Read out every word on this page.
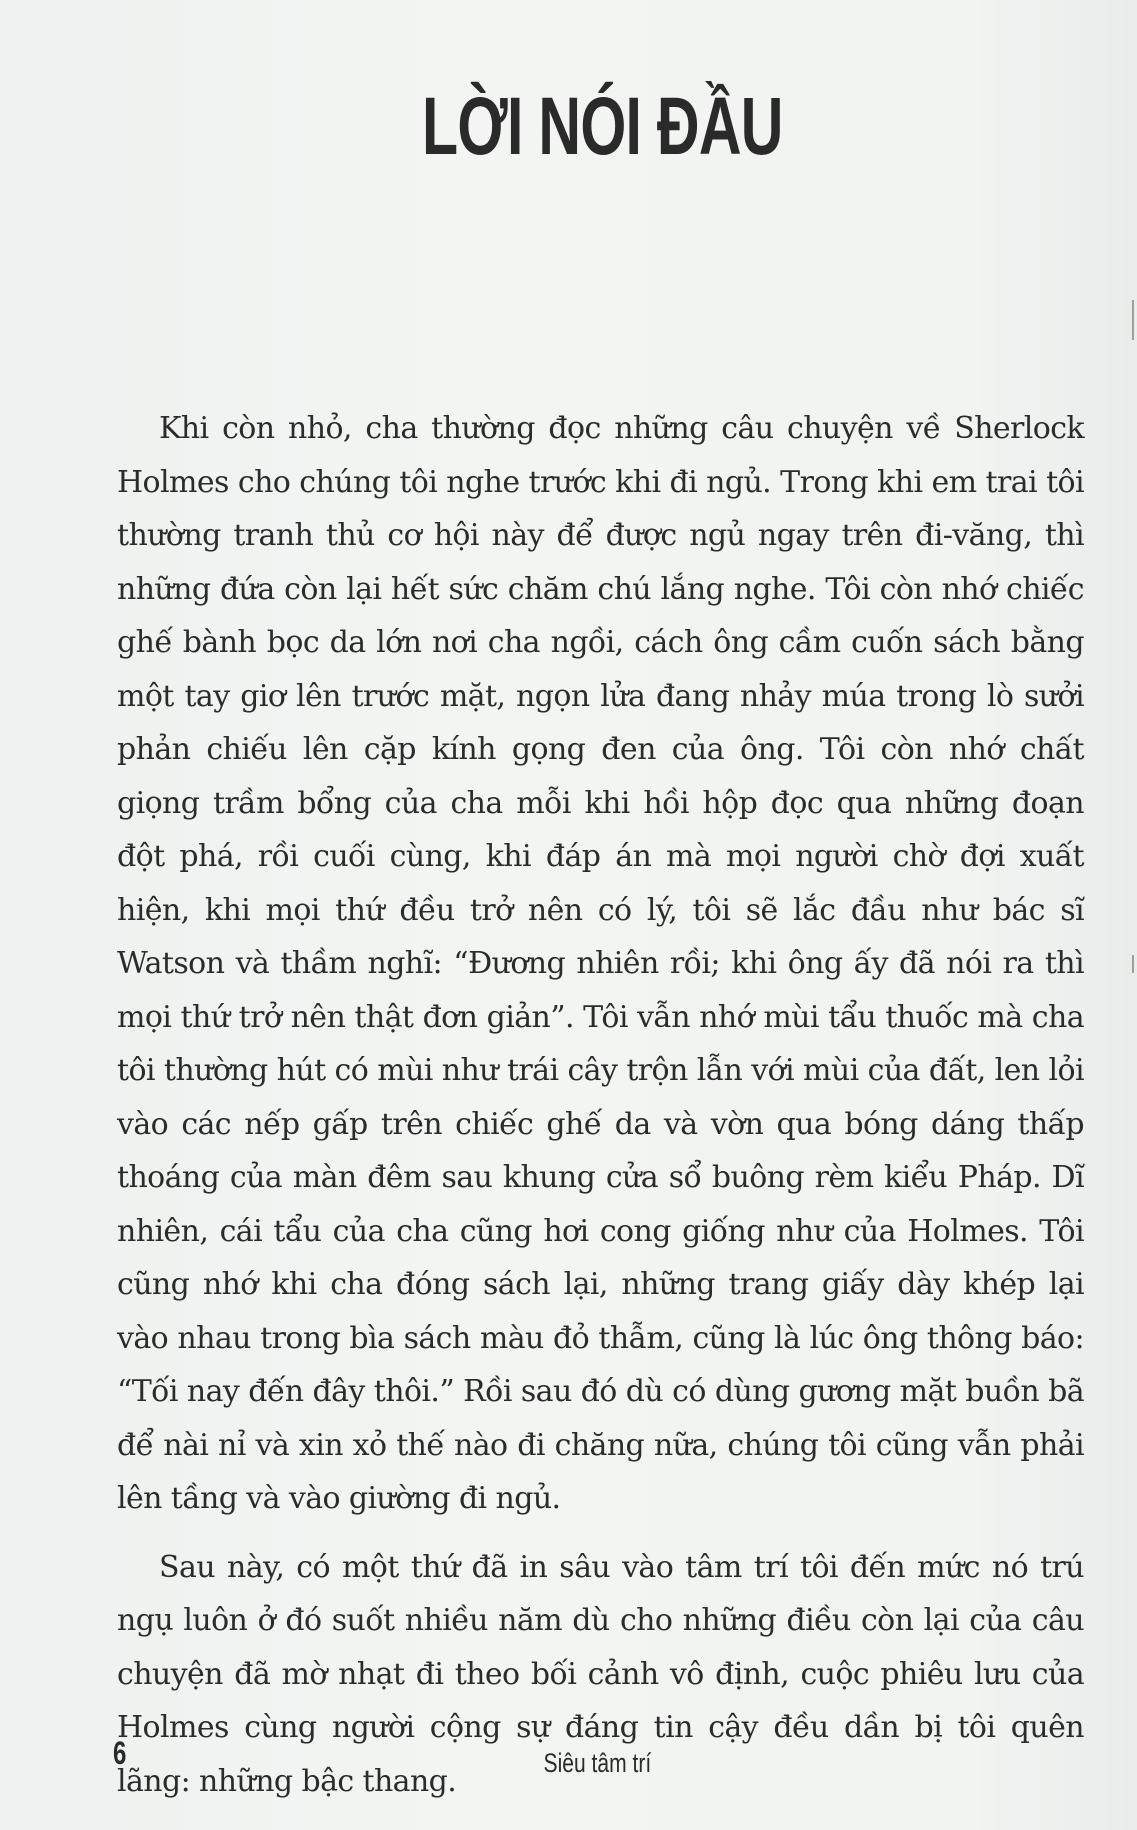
LỜI NÓI ĐẦU

Khi còn nhỏ, cha thường đọc những câu chuyện về Sherlock Holmes cho chúng tôi nghe trước khi đi ngủ. Trong khi em trai tôi thường tranh thủ cơ hội này để được ngủ ngay trên đi-văng, thì những đứa còn lại hết sức chăm chú lắng nghe. Tôi còn nhớ chiếc ghế bành bọc da lớn nơi cha ngồi, cách ông cầm cuốn sách bằng một tay giơ lên trước mặt, ngọn lửa đang nhảy múa trong lò sưởi phản chiếu lên cặp kính gọng đen của ông. Tôi còn nhớ chất giọng trầm bổng của cha mỗi khi hồi hộp đọc qua những đoạn đột phá, rồi cuối cùng, khi đáp án mà mọi người chờ đợi xuất hiện, khi mọi thứ đều trở nên có lý, tôi sẽ lắc đầu như bác sĩ Watson và thầm nghĩ: “Đương nhiên rồi; khi ông ấy đã nói ra thì mọi thứ trở nên thật đơn giản”. Tôi vẫn nhớ mùi tẩu thuốc mà cha tôi thường hút có mùi như trái cây trộn lẫn với mùi của đất, len lỏi vào các nếp gấp trên chiếc ghế da và vờn qua bóng dáng thấp thoáng của màn đêm sau khung cửa sổ buông rèm kiểu Pháp. Dĩ nhiên, cái tẩu của cha cũng hơi cong giống như của Holmes. Tôi cũng nhớ khi cha đóng sách lại, những trang giấy dày khép lại vào nhau trong bìa sách màu đỏ thẫm, cũng là lúc ông thông báo: “Tối nay đến đây thôi.” Rồi sau đó dù có dùng gương mặt buồn bã để nài nỉ và xin xỏ thế nào đi chăng nữa, chúng tôi cũng vẫn phải lên tầng và vào giường đi ngủ.

Sau này, có một thứ đã in sâu vào tâm trí tôi đến mức nó trú ngụ luôn ở đó suốt nhiều năm dù cho những điều còn lại của câu chuyện đã mờ nhạt đi theo bối cảnh vô định, cuộc phiêu lưu của Holmes cùng người cộng sự đáng tin cậy đều dần bị tôi quên lãng: những bậc thang.

6	Siêu tâm trí
